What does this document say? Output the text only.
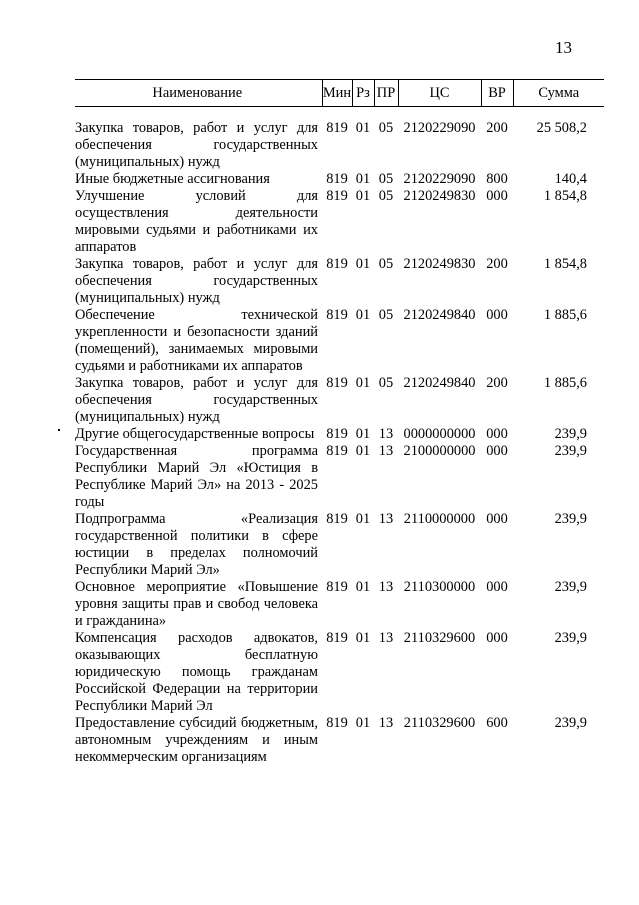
13
Наименование	Мин	Рз	ПР	ЦС	ВР	Сумма

Закупка товаров, работ и услуг для обеспечения государственных (муниципальных) нужд	819	01	05	2120229090	200	25 508,2
Иные бюджетные ассигнования	819	01	05	2120229090	800	140,4
Улучшение условий для осуществления деятельности мировыми судьями и работниками их аппаратов	819	01	05	2120249830	000	1 854,8
Закупка товаров, работ и услуг для обеспечения государственных (муниципальных) нужд	819	01	05	2120249830	200	1 854,8
Обеспечение технической укрепленности и безопасности зданий (помещений), занимаемых мировыми судьями и работниками их аппаратов	819	01	05	2120249840	000	1 885,6
Закупка товаров, работ и услуг для обеспечения государственных (муниципальных) нужд	819	01	05	2120249840	200	1 885,6
Другие общегосударственные вопросы	819	01	13	0000000000	000	239,9
Государственная программа Республики Марий Эл «Юстиция в Республике Марий Эл» на 2013 - 2025 годы	819	01	13	2100000000	000	239,9
Подпрограмма «Реализация государственной политики в сфере юстиции в пределах полномочий Республики Марий Эл»	819	01	13	2110000000	000	239,9
Основное мероприятие «Повышение уровня защиты прав и свобод человека и гражданина»	819	01	13	2110300000	000	239,9
Компенсация расходов адвокатов, оказывающих бесплатную юридическую помощь гражданам Российской Федерации на территории Республики Марий Эл	819	01	13	2110329600	000	239,9
Предоставление субсидий бюджетным, автономным учреждениям и иным некоммерческим организациям	819	01	13	2110329600	600	239,9
